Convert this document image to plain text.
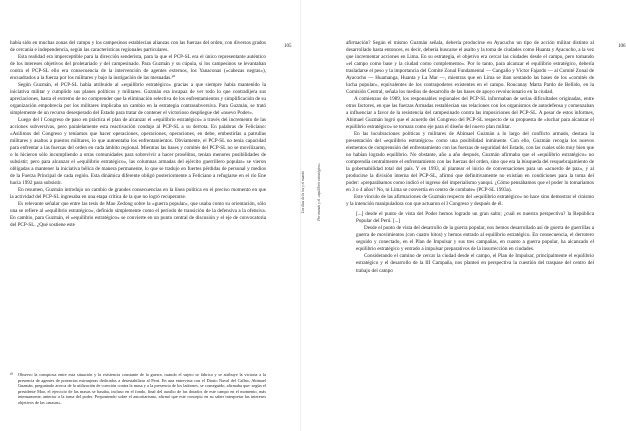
había sido en muchas zonas del campo y los campesinos establecían alianzas con las fuerzas del orden, con diversos grados de cercanía e independencia, según las características regionales particulares.

Esta realidad era imperceptible para la dirección senderista, para la que el PCP-SL era el único representante auténtico de los intereses objetivos del proletariado y del campesinado. Para Guzmán y su cúpula, si los campesinos se levantaban contra el PCP-SL ello era consecuencia de la intervención de agentes externos, los Yanaconas («cabezas negras»), encuadrados a la fuerza por los militares y bajo la instigación de las mesnadas.³⁰

Según Guzmán, el PCP-SL había atribuido al «equilibrio estratégico» gracias a que siempre había mantenido la iniciativa militar y cumplido sus planes políticos y militares. Guzmán era incapaz de ver todo lo que contradijera sus apreciaciones, hasta el extremo de no comprender que la eliminación selectiva de los enfrentamientos y simplificación de su organización empobrecía por los militares implicaba un cambio en la estrategia contrasubversiva. Para Guzmán, se trató simplemente de un recurso desesperado del Estado para tratar de contener el victorioso despliegue del «nuevo Poder».

Luego del I Congreso de paso en práctica el plan de alcanzar el «equilibrio estratégico» a través del incremento de las acciones subversivas, pero paralelamente esta reactivación condujo al PCP-SL a su derrota. En palabras de Feliciano: «Asilimos del Congreso y teníamos que hacer operaciones, operaciones, operaciones, en debe, embestirlas a patrullas militares y asaltos a puestos militares, lo que aumentaba los enfrentamientos. Obviamente, el PCP-SL no tenía capacidad para enfrentar a las fuerzas del orden en cada ámbito regional. Mientras las bases y comités del PCP-SL no se movilizaron, o lo hicieron sólo incumpliendo a otras comunidades para sobrevivir a hacer prosélitos, tenían menores posibilidades de subsistir; pero para alcanzar el «equilibrio estratégico», las columnas armadas del ejército guerrillero popular» se vieron obligadas a mantener la iniciativa bélica de manera permanente, lo que se tradujo en fuertes pérdidas de personal y medios de la Fuerza Principal de cada región. Esta dinámica diferente obligó posteriormente a Feliciano a refugiarse en el río Ene hacia 1992 para subsistir.

En resumen, Guzmán introdujo un cambio de grandes consecuencias en la línea política en el preciso momento en que la actividad del PCP-SL ingresaba en una etapa crítica de la que no logró recuperarse.

Es relevante señalar que entre las tesis de Mao Zedong sobre la «guerra popular», que usaba como su orientación, sólo una se refiere al «equilibrio estratégico», definido simplemente como el período de transición de la defensiva a la ofensiva. En cambio, para Guzmán, el «equilibrio estratégico» se convierte en un punto central de discusión y el eje de convocatoria del PCP-SL. ¿Qué sostiene este

³⁰	Observo la conspicua entre esta situación y la existencia constante de la guerra, cuando el sujeto se fabrica y se atribuye la victoria a la presencia de agentes de potencias extranjeras dedicados a desestabilizar al Perú. En una entrevista con el Diario Naval del Callao, Abimael Guzmán, preguntado acerca de la utilización de coerción contra la masa y a la presencia de los ladrones, se conseguido, afirmaba que: según el presidente Mao, el ejercicio de las masas se basaba, incluso en el fondo, final del auxilio de las dotados de este campo en el momento, más intensamente, anterior a la toma del poder. Proponiendo sobre el autoritarismo, afirmó que este concepto en su saber interpretar las intereses objetivos de las «masas».

105
Los días de la ira y el mundo
106

afirmación? Según el mismo Guzmán señala, debería producirse en Ayacucho un tipo de acción militar distinto al desarrollado hasta entonces, es decir, debería buscarse el asalto y la toma de ciudades como Huanta y Ayacucho, a la vez que incrementar acciones en Lima. En su estrategia, el objetivo era cercar las ciudades desde el campo, pero tomando «el campo como base y la ciudad como complemento». Por lo tanto, para alcanzar el equilibrio estratégico, debería trasladarse el peso y la importancia del Comité Zonal Fundamental — Cangallo y Víctor Fajardo — al Comité Zonal de Ayacucho — Huamanga, Huanta y La Mar —, mientras que en Lima se iban sentando las bases de los «comités de lucha popular», equivalentes de los contrapoderes existentes en el campo. Roucanay Marta Pardo de Bellido, en la Comisión Central, señala los medios de desarrollo de las bases de apoyo revolucionario en la ciudad.

A comienzos de 1989, los responsables regionales del PCP-SL informaban de serias dificultades originadas, entre otros factores, en que las fuerzas Armadas restablecían sus relaciones con los organismos de autodefensa y comenzaban a influenciar a favor de la resistencia del campesinado contra las imposiciones del PCP-SL. A pesar de estos informes, Abimael Guzmán logró que el acuerdo del Congreso del PCP-SL respecto de su propuesta de «luchar para alcanzar el equilibrio estratégico» se tornara como eje para el diseño del nuevo plan militar.

En las lucubraciones políticas y militares de Abimael Guzmán a lo largo del conflicto armado, destaca la presentación del «equilibrio estratégico» como una posibilidad inminente. Con ello, Guzmán recogía los nuevos elementos de comprensión del enfrentamiento con las fuerzas de seguridad del Estado, con las cuales sólo muy bien que no habían logrado equilibrio. No obstante, año a año después, Guzmán afirmaba que el «equilibrio estratégico» no comprendía centralmente el enfrentamiento con las fuerzas del orden, sino que era la búsqueda del resquebrajamiento de la gobernabilidad total del país. Y en 1993, al plantear el inicio de conversaciones para un «acuerdo de paz», y al producirse la división interna del PCP-SL, afirmó que definitivamente no existían en condiciones para la toma del poder: «preparábamos como indicó el ingreso del imperialismo yanqui. ¿Cómo pensábamos que el poder lo tomaríamos en 3 o 4 años? No, ni Lima se convertía en centro de combate» (PCP-SL 1993a).

Este vínculo de las afirmaciones de Guzmán respecto del «equilibrio estratégico» no hace sino demostrar el cinismo y la intención manipuladora con que actuaron el I Congreso y después de él.

[...] desde el punto de vista del Poder hemos logrado un gran salto; ¿cuál es nuestra perspectiva? la República Popular del Perú. [...]

Desde el punto de vista del desarrollo de la guerra popular, nos hemos desarrollado así de guerra de guerrillas a guerra de movimientos (con cuatro hitos) y hemos entrado al equilibrio estratégico. En consecuencia, el derrotero seguido y conectado, en el Plan de Impulsar y sus tres campañas, en cuanto a guerra popular, ha alcanzado el equilibrio estratégico y entrado a impulsar preparativos de la insurrección en ciudades.

Considerando el camino de cercar la ciudad desde el campo, el Plan de Impulsar, principalmente el equilibrio estratégico y el desarrollo de la III Campaña, nos planteó en perspectiva la cuestión del traspase del centro del trabajo del campo

Por mundo y el «equilibrio estratégico»
